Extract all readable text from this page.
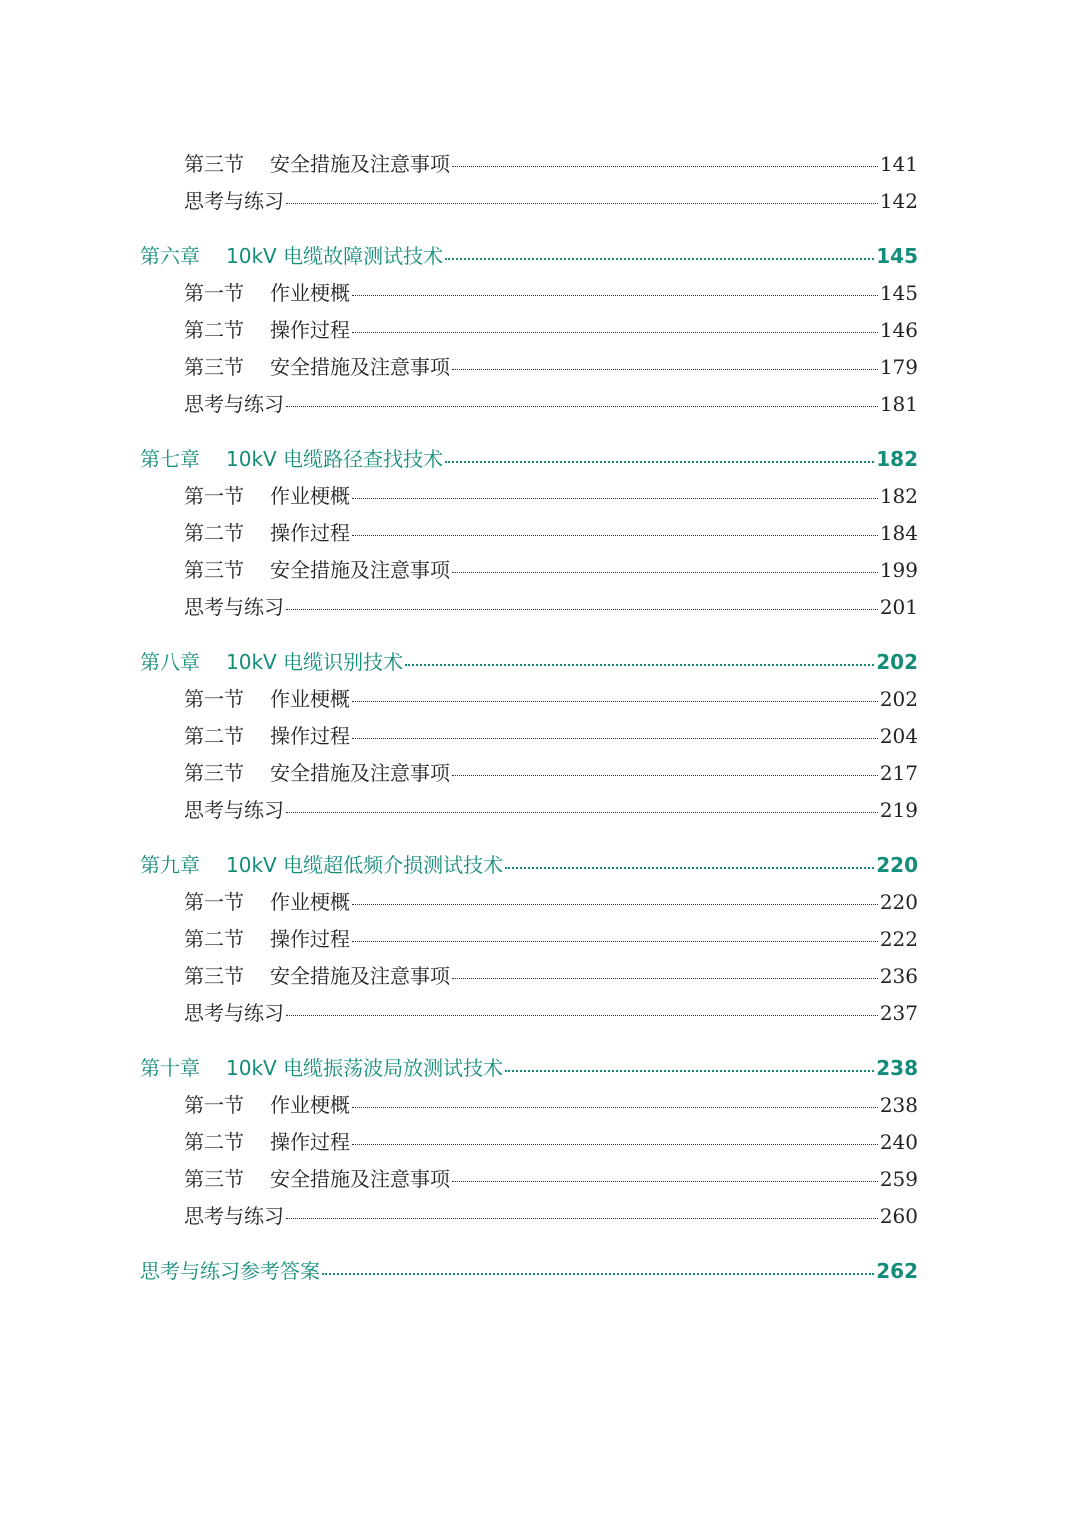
第三节	安全措施及注意事项	141
思考与练习	142
第六章	10kV 电缆故障测试技术	145
第一节	作业梗概	145
第二节	操作过程	146
第三节	安全措施及注意事项	179
思考与练习	181
第七章	10kV 电缆路径查找技术	182
第一节	作业梗概	182
第二节	操作过程	184
第三节	安全措施及注意事项	199
思考与练习	201
第八章	10kV 电缆识别技术	202
第一节	作业梗概	202
第二节	操作过程	204
第三节	安全措施及注意事项	217
思考与练习	219
第九章	10kV 电缆超低频介损测试技术	220
第一节	作业梗概	220
第二节	操作过程	222
第三节	安全措施及注意事项	236
思考与练习	237
第十章	10kV 电缆振荡波局放测试技术	238
第一节	作业梗概	238
第二节	操作过程	240
第三节	安全措施及注意事项	259
思考与练习	260
思考与练习参考答案	262
